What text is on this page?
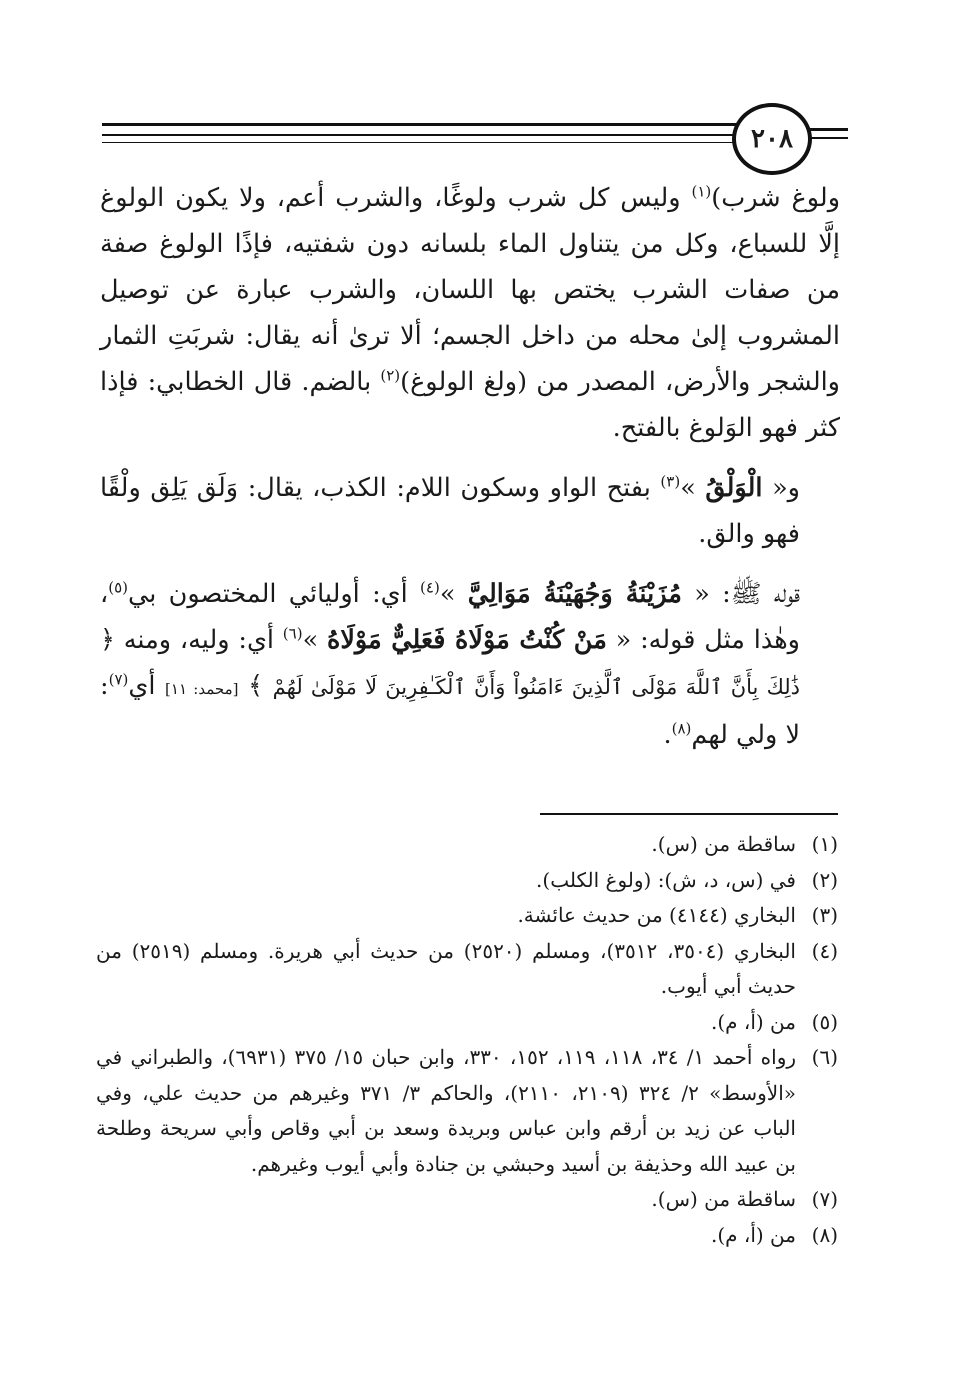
٢٠٨

ولوغ شرب)$^{(١)}$ وليس كل شرب ولوغًا، والشرب أعم، ولا يكون الولوغ إلَّا للسباع، وكل من يتناول الماء بلسانه دون شفتيه، فإذًا الولوغ صفة من صفات الشرب يختص بها اللسان، والشرب عبارة عن توصيل المشروب إلىٰ محله من داخل الجسم؛ ألا ترىٰ أنه يقال: شربَتِ الثمار والشجر والأرض، المصدر من (ولغ الولوغ)$^{(٢)}$ بالضم. قال الخطابي: فإذا كثر فهو الوَلوغ بالفتح.

و« الْوَلْقُ »$^{(٣)}$ بفتح الواو وسكون اللام: الكذب، يقال: وَلَق يَلِق ولْقًا فهو والق.

قوله ﷺ: « مُزَيْنَةُ وَجُهَيْنَةُ مَوَالِيَّ »$^{(٤)}$ أي: أوليائي المختصون بي$^{(٥)}$، وهٰذا مثل قوله: « مَنْ كُنْتُ مَوْلَاهُ فَعَلِيٌّ مَوْلَاهُ »$^{(٦)}$ أي: وليه، ومنه ﴿ ذَٰلِكَ بِأَنَّ ٱللَّهَ مَوْلَى ٱلَّذِينَ ءَامَنُواْ وَأَنَّ ٱلْكَـٰفِرِينَ لَا مَوْلَىٰ لَهُمْ ﴾ [محمد: ١١] أي$^{(٧)}$: لا ولي لهم$^{(٨)}$.

(١)
ساقطة من (س).
(٢)
في (س، د، ش): (ولوغ الكلب).
(٣)
البخاري (٤١٤٤) من حديث عائشة.
(٤)
البخاري (٣٥٠٤، ٣٥١٢)، ومسلم (٢٥٢٠) من حديث أبي هريرة. ومسلم (٢٥١٩) من حديث أبي أيوب.
(٥)
من (أ، م).
(٦)
رواه أحمد ١/ ٣٤، ١١٨، ١١٩، ١٥٢، ٣٣٠، وابن حبان ١٥/ ٣٧٥ (٦٩٣١)، والطبراني في «الأوسط» ٢/ ٣٢٤ (٢١٠٩، ٢١١٠)، والحاكم ٣/ ٣٧١ وغيرهم من حديث علي، وفي الباب عن زيد بن أرقم وابن عباس وبريدة وسعد بن أبي وقاص وأبي سريحة وطلحة بن عبيد الله وحذيفة بن أسيد وحبشي بن جنادة وأبي أيوب وغيرهم.
(٧)
ساقطة من (س).
(٨)
من (أ، م).
